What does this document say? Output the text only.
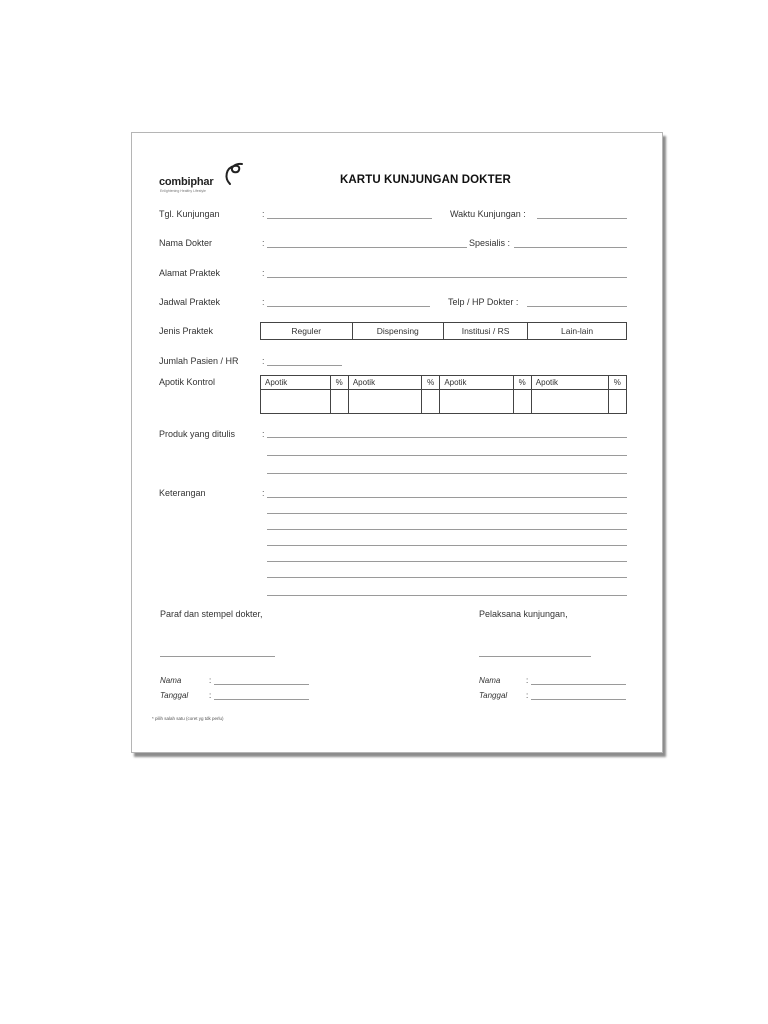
combiphar
Enlightening Healthy Lifestyle
KARTU KUNJUNGAN DOKTER
Tgl. Kunjungan	:	Waktu Kunjungan :
Nama Dokter	:	Spesialis :
Alamat Praktek	:
Jadwal Praktek	:	Telp / HP Dokter :
Jenis Praktek	Reguler	Dispensing	Institusi / RS	Lain-lain
Jumlah Pasien / HR	:
Apotik Kontrol	Apotik	%	Apotik	%	Apotik	%	Apotik	%

Produk yang ditulis	:
Keterangan	:
Paraf dan stempel dokter,	Pelaksana kunjungan,
Nama	:
Tanggal	:
Nama	:
Tanggal :
* pilih salah satu (coret yg tdk perlu)
